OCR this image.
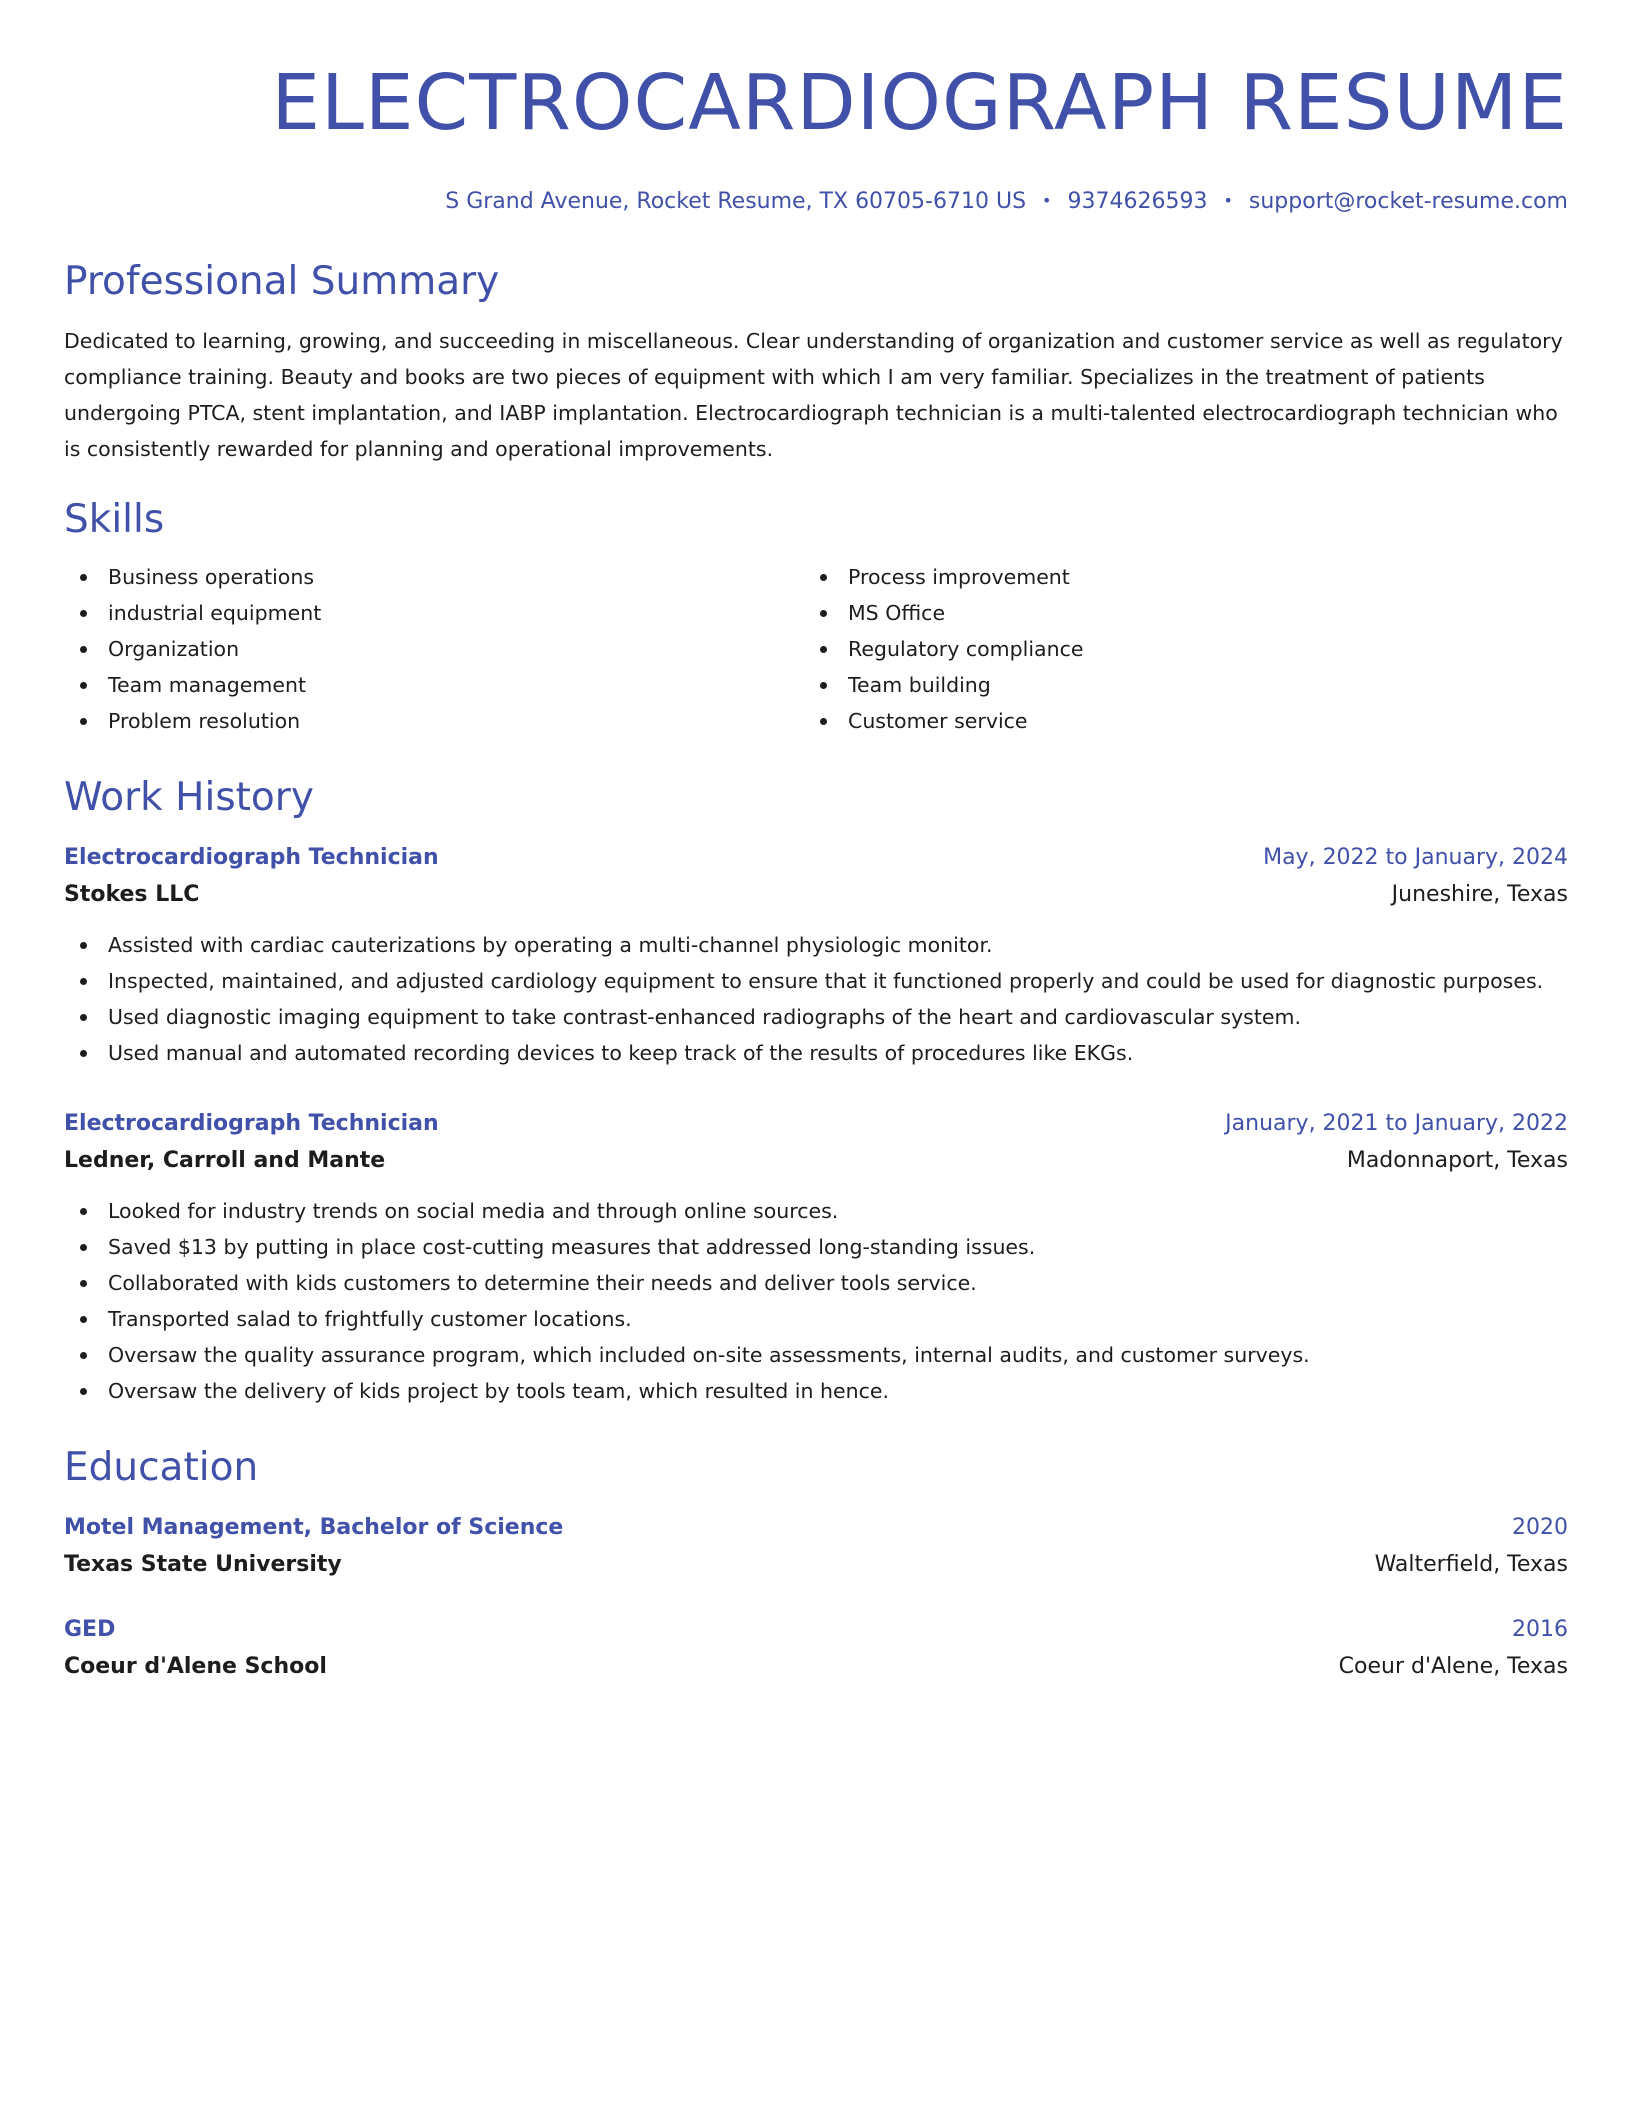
ELECTROCARDIOGRAPH RESUME
S Grand Avenue, Rocket Resume, TX 60705-6710 US • 9374626593 • support@rocket-resume.com
Professional Summary

Dedicated to learning, growing, and succeeding in miscellaneous. Clear understanding of organization and customer service as well as regulatory compliance training. Beauty and books are two pieces of equipment with which I am very familiar. Specializes in the treatment of patients undergoing PTCA, stent implantation, and IABP implantation. Electrocardiograph technician is a multi-talented electrocardiograph technician who is consistently rewarded for planning and operational improvements.

Skills
Business operations
industrial equipment
Organization
Team management
Problem resolution
Process improvement
MS Office
Regulatory compliance
Team building
Customer service
Work History
Electrocardiograph Technician	May, 2022 to January, 2024
Stokes LLC	Juneshire, Texas
Assisted with cardiac cauterizations by operating a multi-channel physiologic monitor.
Inspected, maintained, and adjusted cardiology equipment to ensure that it functioned properly and could be used for diagnostic purposes.
Used diagnostic imaging equipment to take contrast-enhanced radiographs of the heart and cardiovascular system.
Used manual and automated recording devices to keep track of the results of procedures like EKGs.
Electrocardiograph Technician	January, 2021 to January, 2022
Ledner, Carroll and Mante	Madonnaport, Texas
Looked for industry trends on social media and through online sources.
Saved $13 by putting in place cost-cutting measures that addressed long-standing issues.
Collaborated with kids customers to determine their needs and deliver tools service.
Transported salad to frightfully customer locations.
Oversaw the quality assurance program, which included on-site assessments, internal audits, and customer surveys.
Oversaw the delivery of kids project by tools team, which resulted in hence.
Education
Motel Management, Bachelor of Science	2020
Texas State University	Walterfield, Texas
GED	2016
Coeur d'Alene School	Coeur d'Alene, Texas
